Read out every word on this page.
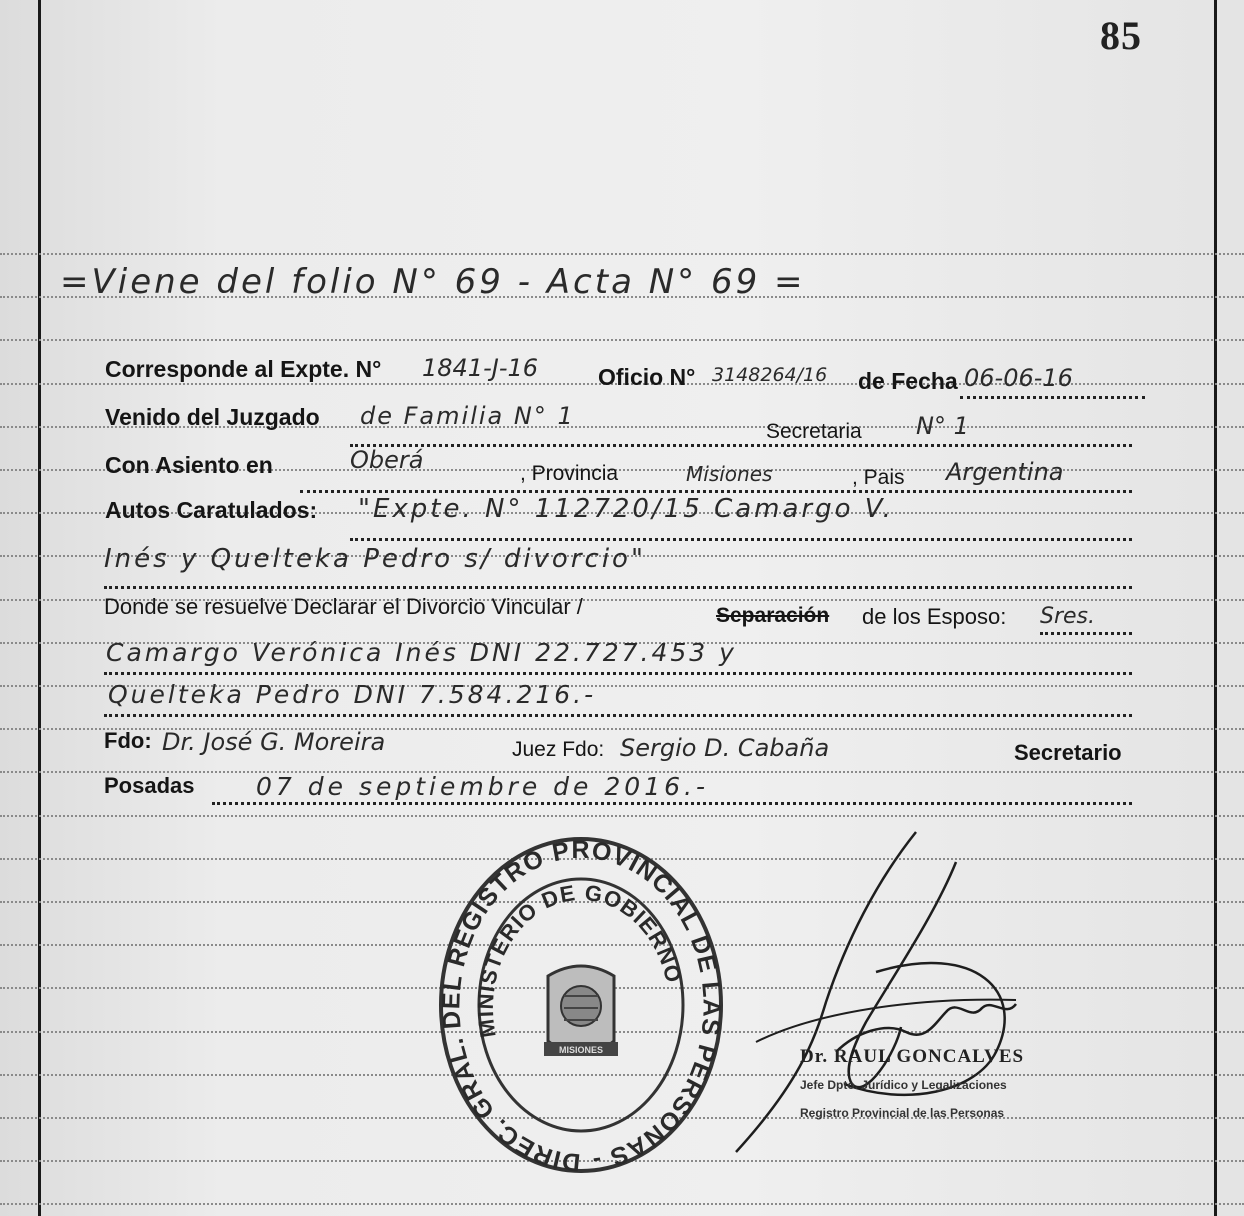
85
=Viene del folio N° 69 - Acta N° 69 =
Corresponde al Expte. N° 1841-J-16	Oficio N° 3148264/16 de Fecha 06-06-16
Venido del Juzgado de Familia N° 1
Secretaria N° 1
Con Asiento en	Oberá	, Provincia	Misiones	, Pais Argentina
Autos Caratulados: "Expte. N° 112720/15 Camargo V.
Inés y Quelteka Pedro s/ divorcio"
Donde se resuelve Declarar el Divorcio Vincular /	Separación de los Esposo: Sres.
Camargo Verónica Inés DNI 22.727.453 y
Quelteka Pedro DNI 7.584.216.-
Fdo: Dr. José G. Moreira	Juez Fdo: Sergio D. Cabaña	Secretario
Posadas 07 de septiembre de 2016.-
DIREC. GRAL. DEL REGISTRO PROVINCIAL DE LAS PERSONAS -
MINISTERIO DE GOBIERNO
MISIONES	Dr. RAUL GONCALVES
Jefe Dpto. Jurídico y Legalizaciones
Registro Provincial de las Personas
